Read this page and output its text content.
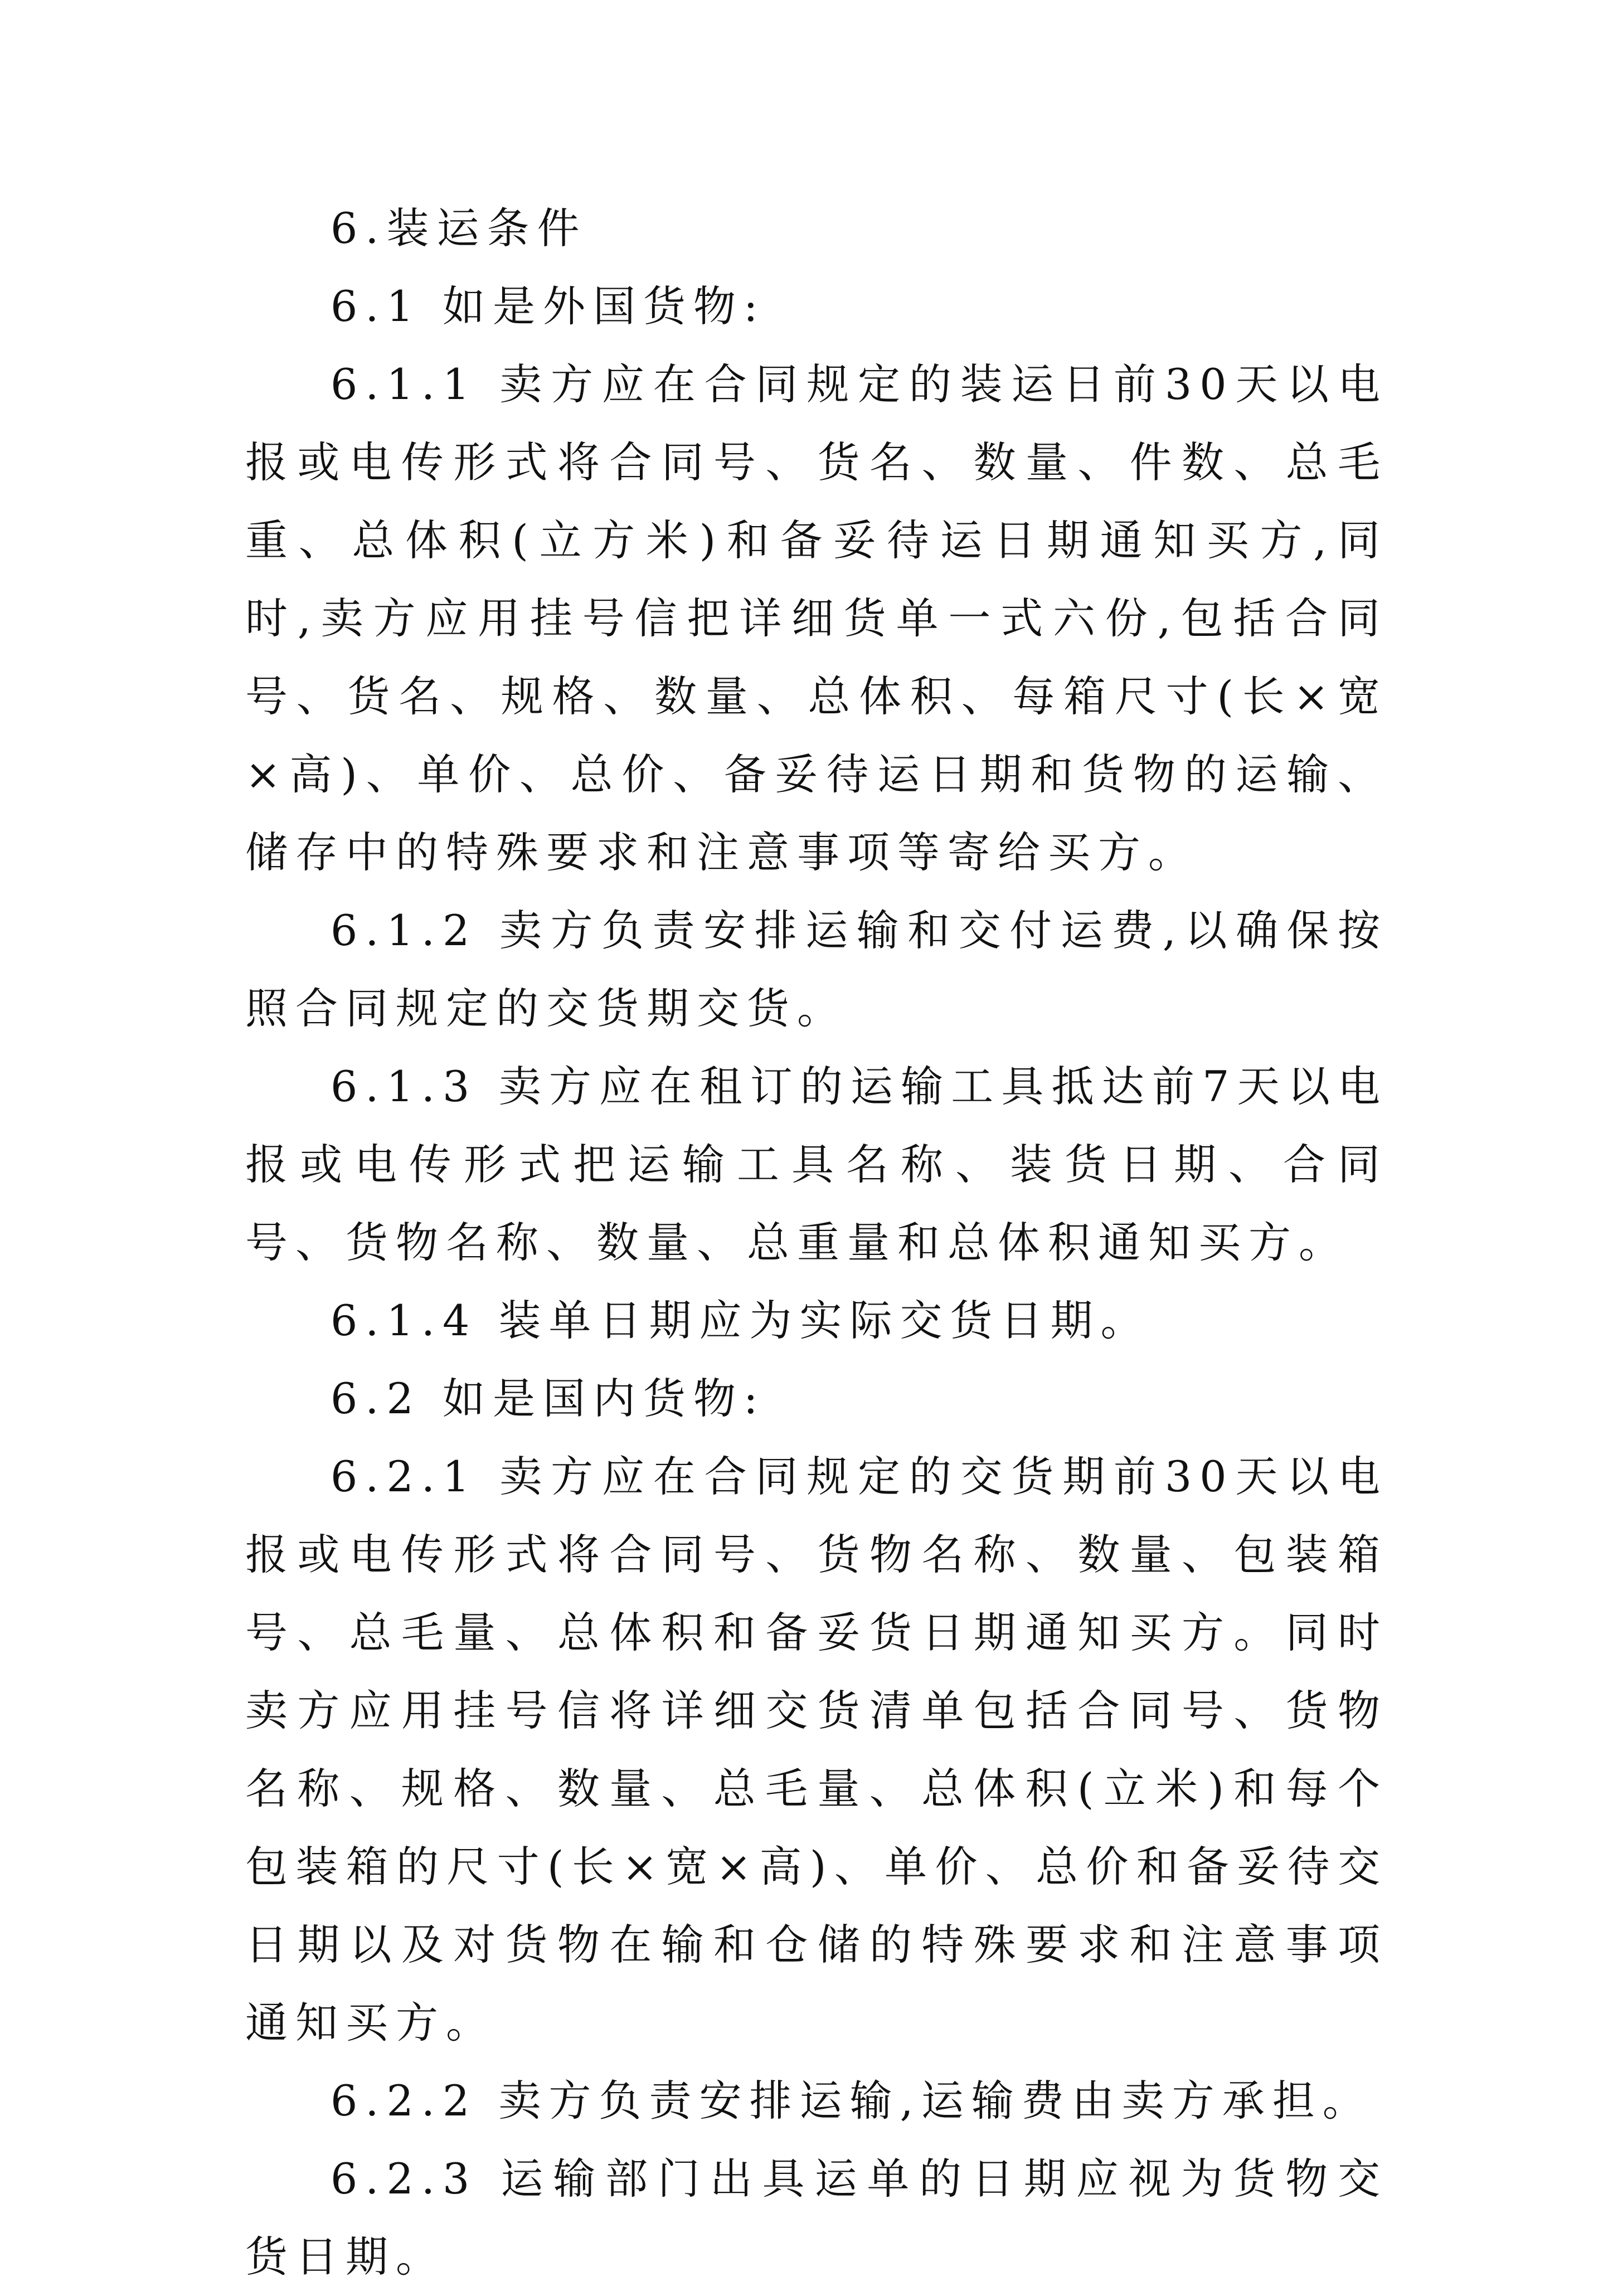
6.装运条件

6.1 如是外国货物:

6.1.1 卖方应在合同规定的装运日前30天以电报或电传形式将合同号、货名、数量、件数、总毛重、总体积(立方米)和备妥待运日期通知买方,同时,卖方应用挂号信把详细货单一式六份,包括合同号、货名、规格、数量、总体积、每箱尺寸(长×宽×高)、单价、总价、备妥待运日期和货物的运输、储存中的特殊要求和注意事项等寄给买方。

6.1.2 卖方负责安排运输和交付运费,以确保按照合同规定的交货期交货。

6.1.3 卖方应在租订的运输工具抵达前7天以电报或电传形式把运输工具名称、装货日期、合同号、货物名称、数量、总重量和总体积通知买方。

6.1.4 装单日期应为实际交货日期。

6.2 如是国内货物:

6.2.1 卖方应在合同规定的交货期前30天以电报或电传形式将合同号、货物名称、数量、包装箱号、总毛量、总体积和备妥货日期通知买方。同时卖方应用挂号信将详细交货清单包括合同号、货物名称、规格、数量、总毛量、总体积(立米)和每个包装箱的尺寸(长×宽×高)、单价、总价和备妥待交日期以及对货物在输和仓储的特殊要求和注意事项通知买方。

6.2.2 卖方负责安排运输,运输费由卖方承担。

6.2.3 运输部门出具运单的日期应视为货物交货日期。
